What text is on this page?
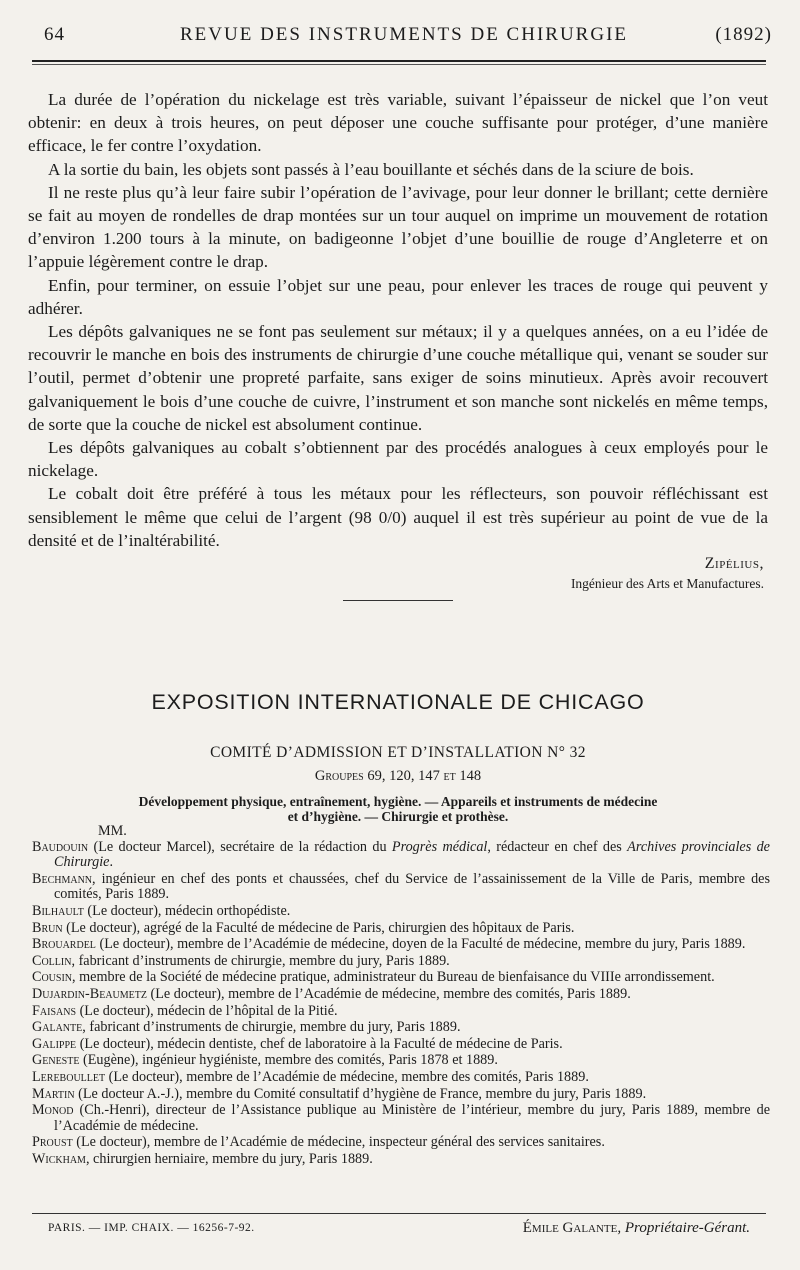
64	REVUE DES INSTRUMENTS DE CHIRURGIE	(1892)

La durée de l’opération du nickelage est très variable, suivant l’épaisseur de nickel que l’on veut obtenir: en deux à trois heures, on peut déposer une couche suffisante pour protéger, d’une manière efficace, le fer contre l’oxydation.

A la sortie du bain, les objets sont passés à l’eau bouillante et séchés dans de la sciure de bois.

Il ne reste plus qu’à leur faire subir l’opération de l’avivage, pour leur donner le brillant; cette dernière se fait au moyen de rondelles de drap montées sur un tour auquel on imprime un mouvement de rotation d’environ 1.200 tours à la minute, on badigeonne l’objet d’une bouillie de rouge d’Angleterre et on l’appuie légèrement contre le drap.

Enfin, pour terminer, on essuie l’objet sur une peau, pour enlever les traces de rouge qui peuvent y adhérer.

Les dépôts galvaniques ne se font pas seulement sur métaux; il y a quelques années, on a eu l’idée de recouvrir le manche en bois des instruments de chirurgie d’une couche métallique qui, venant se souder sur l’outil, permet d’obtenir une propreté parfaite, sans exiger de soins minutieux. Après avoir recouvert galvaniquement le bois d’une couche de cuivre, l’instrument et son manche sont nickelés en même temps, de sorte que la couche de nickel est absolument continue.

Les dépôts galvaniques au cobalt s’obtiennent par des procédés analogues à ceux employés pour le nickelage.

Le cobalt doit être préféré à tous les métaux pour les réflecteurs, son pouvoir réfléchissant est sensiblement le même que celui de l’argent (98 0/0) auquel il est très supérieur au point de vue de la densité et de l’inaltérabilité.

Zipélius,
Ingénieur des Arts et Manufactures.
EXPOSITION INTERNATIONALE DE CHICAGO
COMITÉ D’ADMISSION ET D’INSTALLATION N° 32
Groupes 69, 120, 147 et 148
Développement physique, entraînement, hygiène. — Appareils et instruments de médecine
et d’hygiène. — Chirurgie et prothèse.
MM.
Baudouin (Le docteur Marcel), secrétaire de la rédaction du Progrès médical, rédacteur en chef des Archives provinciales de Chirurgie.
Bechmann, ingénieur en chef des ponts et chaussées, chef du Service de l’assainissement de la Ville de Paris, membre des comités, Paris 1889.
Bilhault (Le docteur), médecin orthopédiste.
Brun (Le docteur), agrégé de la Faculté de médecine de Paris, chirurgien des hôpitaux de Paris.
Brouardel (Le docteur), membre de l’Académie de médecine, doyen de la Faculté de médecine, membre du jury, Paris 1889.
Collin, fabricant d’instruments de chirurgie, membre du jury, Paris 1889.
Cousin, membre de la Société de médecine pratique, administrateur du Bureau de bienfaisance du VIIIe arrondissement.
Dujardin-Beaumetz (Le docteur), membre de l’Académie de médecine, membre des comités, Paris 1889.
Faisans (Le docteur), médecin de l’hôpital de la Pitié.
Galante, fabricant d’instruments de chirurgie, membre du jury, Paris 1889.
Galippe (Le docteur), médecin dentiste, chef de laboratoire à la Faculté de médecine de Paris.
Geneste (Eugène), ingénieur hygiéniste, membre des comités, Paris 1878 et 1889.
Lereboullet (Le docteur), membre de l’Académie de médecine, membre des comités, Paris 1889.
Martin (Le docteur A.-J.), membre du Comité consultatif d’hygiène de France, membre du jury, Paris 1889.
Monod (Ch.-Henri), directeur de l’Assistance publique au Ministère de l’intérieur, membre du jury, Paris 1889, membre de l’Académie de médecine.
Proust (Le docteur), membre de l’Académie de médecine, inspecteur général des services sanitaires.
Wickham, chirurgien herniaire, membre du jury, Paris 1889.
PARIS. — IMP. CHAIX. — 16256-7-92.	Émile Galante, Propriétaire-Gérant.
